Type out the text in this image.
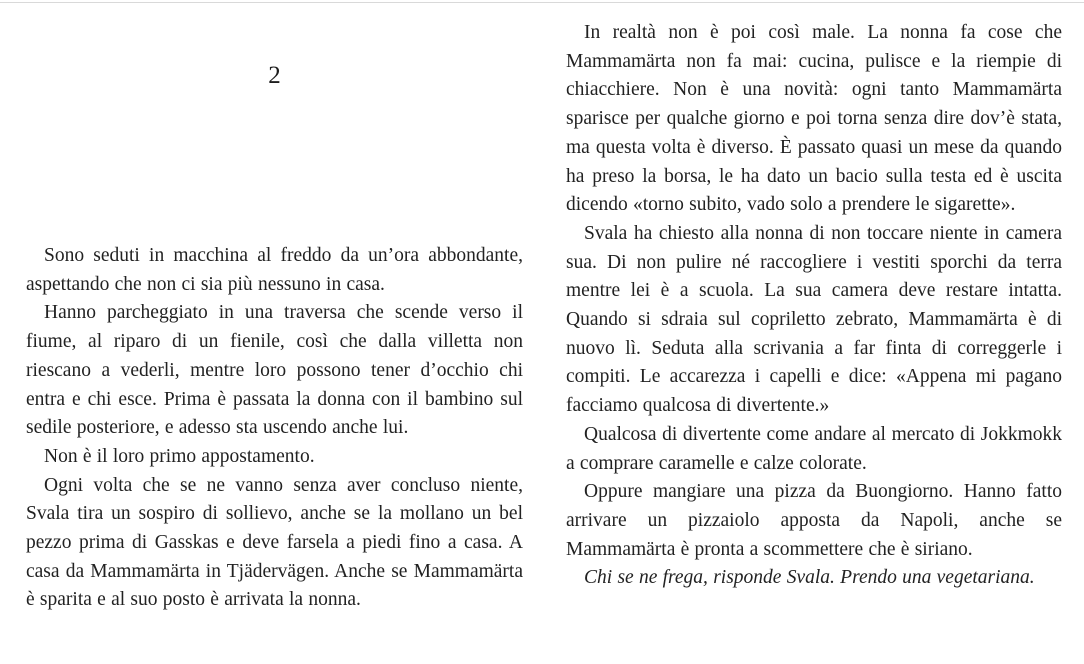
2

Sono seduti in macchina al freddo da un’ora abbondante, aspettando che non ci sia più nessuno in casa.

Hanno parcheggiato in una traversa che scende verso il fiume, al riparo di un fienile, così che dalla villetta non riescano a vederli, mentre loro possono tener d’occhio chi entra e chi esce. Prima è passata la donna con il bambino sul sedile posteriore, e adesso sta uscendo anche lui.

Non è il loro primo appostamento.

Ogni volta che se ne vanno senza aver concluso niente, Svala tira un sospiro di sollievo, anche se la mollano un bel pezzo prima di Gasskas e deve farsela a piedi fino a casa. A casa da Mammamärta in Tjädervägen. Anche se Mammamärta è sparita e al suo posto è arrivata la nonna.

In realtà non è poi così male. La nonna fa cose che Mammamärta non fa mai: cucina, pulisce e la riempie di chiacchiere. Non è una novità: ogni tanto Mammamärta sparisce per qualche giorno e poi torna senza dire dov’è stata, ma questa volta è diverso. È passato quasi un mese da quando ha preso la borsa, le ha dato un bacio sulla testa ed è uscita dicendo «torno subito, vado solo a prendere le sigarette».

Svala ha chiesto alla nonna di non toccare niente in camera sua. Di non pulire né raccogliere i vestiti sporchi da terra mentre lei è a scuola. La sua camera deve restare intatta. Quando si sdraia sul copriletto zebrato, Mammamärta è di nuovo lì. Seduta alla scrivania a far finta di correggerle i compiti. Le accarezza i capelli e dice: «Appena mi pagano facciamo qualcosa di divertente.»

Qualcosa di divertente come andare al mercato di Jokkmokk a comprare caramelle e calze colorate.

Oppure mangiare una pizza da Buongiorno. Hanno fatto arrivare un pizzaiolo apposta da Napoli, anche se Mammamärta è pronta a scommettere che è siriano.

Chi se ne frega, risponde Svala. Prendo una vegetariana.
